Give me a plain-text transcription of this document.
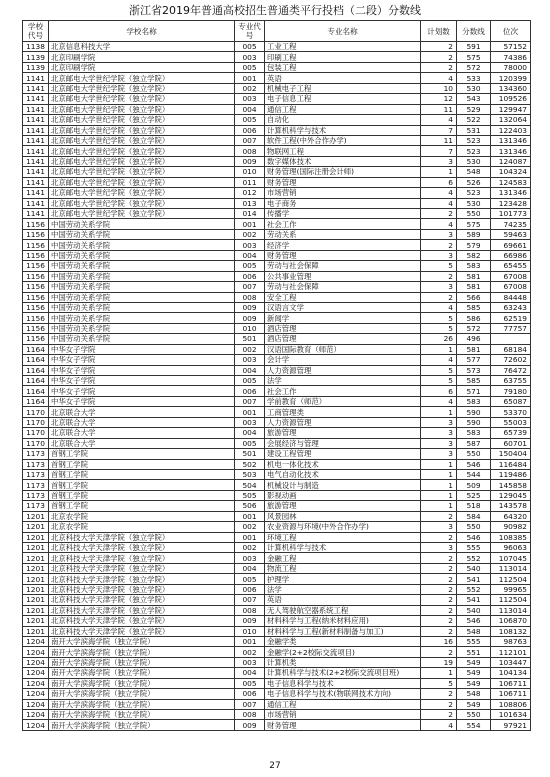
浙江省2019年普通高校招生普通类平行投档（二段）分数线
学校代号	学校名称	专业代号	专业名称	计划数	分数线	位次
1138	北京信息科技大学	005	工业工程	2	591	57152
1139	北京印刷学院	003	印刷工程	2	575	74386
1139	北京印刷学院	005	包装工程	2	572	78000
1141	北京邮电大学世纪学院（独立学院）	001	英语	4	533	120399
1141	北京邮电大学世纪学院（独立学院）	002	机械电子工程	10	530	134360
1141	北京邮电大学世纪学院（独立学院）	003	电子信息工程	12	543	109526
1141	北京邮电大学世纪学院（独立学院）	004	通信工程	11	529	129947
1141	北京邮电大学世纪学院（独立学院）	005	自动化	4	522	132064
1141	北京邮电大学世纪学院（独立学院）	006	计算机科学与技术	7	531	122403
1141	北京邮电大学世纪学院（独立学院）	007	软件工程(中外合作办学)	11	523	131346
1141	北京邮电大学世纪学院（独立学院）	008	物联网工程	7	523	131346
1141	北京邮电大学世纪学院（独立学院）	009	数字媒体技术	3	530	124087
1141	北京邮电大学世纪学院（独立学院）	010	财务管理(国际注册会计师)	1	548	104324
1141	北京邮电大学世纪学院（独立学院）	011	财务管理	6	526	124583
1141	北京邮电大学世纪学院（独立学院）	012	市场营销	4	523	131346
1141	北京邮电大学世纪学院（独立学院）	013	电子商务	4	530	123428
1141	北京邮电大学世纪学院（独立学院）	014	传播学	2	550	101773
1156	中国劳动关系学院	001	社会工作	4	575	74235
1156	中国劳动关系学院	002	劳动关系	3	589	59463
1156	中国劳动关系学院	003	经济学	2	579	69661
1156	中国劳动关系学院	004	财务管理	3	582	66986
1156	中国劳动关系学院	005	劳动与社会保障	5	583	65455
1156	中国劳动关系学院	006	公共事业管理	2	581	67008
1156	中国劳动关系学院	007	劳动与社会保障	3	581	67008
1156	中国劳动关系学院	008	安全工程	2	566	84448
1156	中国劳动关系学院	009	汉语言文学	4	585	63243
1156	中国劳动关系学院	009	新闻学	5	586	62519
1156	中国劳动关系学院	010	酒店管理	5	572	77757
1156	中国劳动关系学院	501	酒店管理	26	496	
1164	中华女子学院	002	汉语国际教育（师范）	1	581	68184
1164	中华女子学院	003	会计学	4	577	72602
1164	中华女子学院	004	人力资源管理	5	573	76472
1164	中华女子学院	005	法学	5	585	63755
1164	中华女子学院	006	社会工作	6	571	79180
1164	中华女子学院	007	学前教育（师范）	4	583	65087
1170	北京联合大学	001	工商管理类	1	590	53370
1170	北京联合大学	003	人力资源管理	3	590	55003
1170	北京联合大学	004	旅游管理	3	583	65739
1170	北京联合大学	005	会展经济与管理	3	587	60701
1173	首钢工学院	501	建设工程管理	3	550	150404
1173	首钢工学院	502	机电一体化技术	1	546	116484
1173	首钢工学院	503	电气自动化技术	1	544	119486
1173	首钢工学院	504	机械设计与制造	1	509	145858
1173	首钢工学院	505	影视动画	1	525	129045
1173	首钢工学院	506	旅游管理	1	518	143578
1201	北京农学院	001	风景园林	2	584	64320
1201	北京农学院	002	农业资源与环境(中外合作办学)	3	550	90982
1201	北京科技大学天津学院（独立学院）	001	环境工程	2	546	108385
1201	北京科技大学天津学院（独立学院）	002	计算机科学与技术	3	555	96063
1201	北京科技大学天津学院（独立学院）	003	金融工程	2	552	107045
1201	北京科技大学天津学院（独立学院）	004	物流工程	2	540	113014
1201	北京科技大学天津学院（独立学院）	005	护理学	2	541	112504
1201	北京科技大学天津学院（独立学院）	006	法学	2	552	99965
1201	北京科技大学天津学院（独立学院）	007	英语	2	541	112504
1201	北京科技大学天津学院（独立学院）	008	无人驾驶航空器系统工程	2	540	113014
1201	北京科技大学天津学院（独立学院）	009	材料科学与工程(纳米材料应用)	2	546	106870
1201	北京科技大学天津学院（独立学院）	010	材料科学与工程(新材料制备与加工)	2	548	108132
1204	南开大学滨海学院（独立学院）	001	金融学类	16	555	98763
1204	南开大学滨海学院（独立学院）	002	金融学(2+2校际交流项目)	2	551	112101
1204	南开大学滨海学院（独立学院）	003	计算机类	19	549	103447
1204	南开大学滨海学院（独立学院）	004	计算机科学与技术(2+2校际交流项目班)	1	549	104134
1204	南开大学滨海学院（独立学院）	005	电子信息科学与技术	5	549	106711
1204	南开大学滨海学院（独立学院）	006	电子信息科学与技术(物联网技术方向)	2	548	106711
1204	南开大学滨海学院（独立学院）	007	通信工程	2	549	108806
1204	南开大学滨海学院（独立学院）	008	市场营销	2	550	101634
1204	南开大学滨海学院（独立学院）	009	财务管理	4	554	97921
27
